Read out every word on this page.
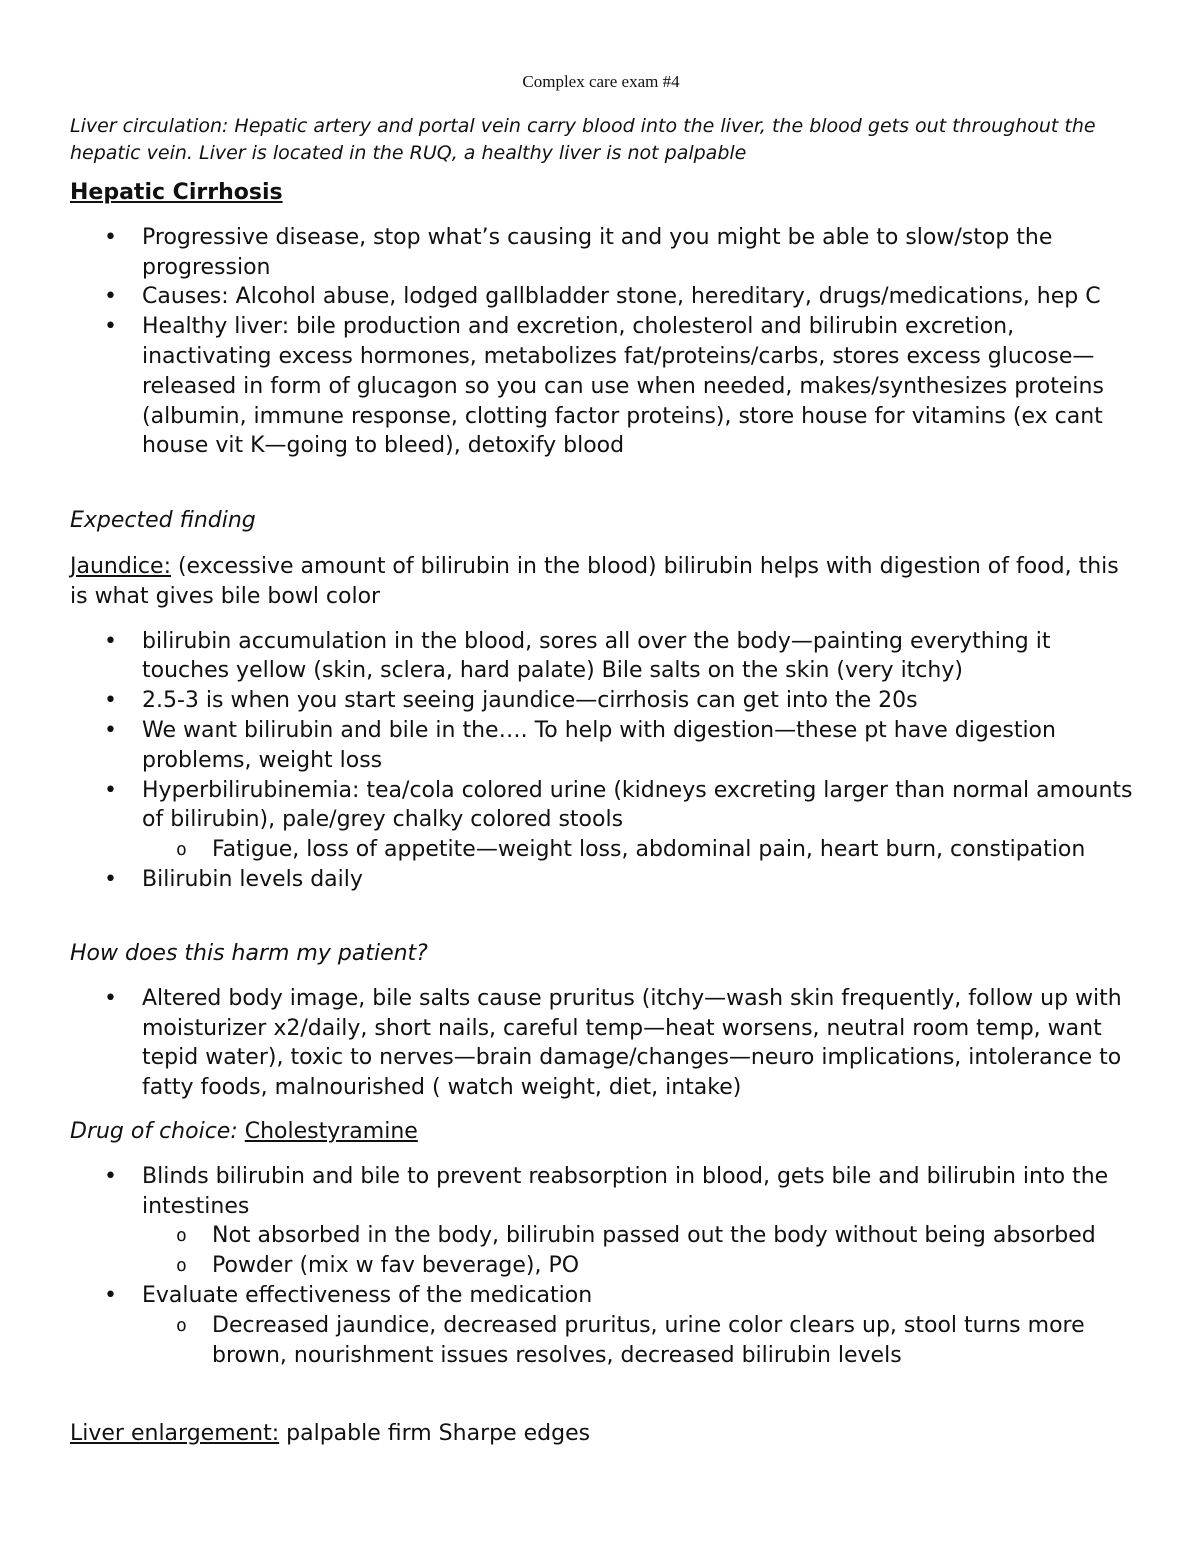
Complex care exam #4
Liver circulation: Hepatic artery and portal vein carry blood into the liver, the blood gets out throughout the hepatic vein. Liver is located in the RUQ, a healthy liver is not palpable
Hepatic Cirrhosis
• Progressive disease, stop what’s causing it and you might be able to slow/stop the progression
• Causes: Alcohol abuse, lodged gallbladder stone, hereditary, drugs/medications, hep C
• Healthy liver: bile production and excretion, cholesterol and bilirubin excretion, inactivating excess hormones, metabolizes fat/proteins/carbs, stores excess glucose—released in form of glucagon so you can use when needed, makes/synthesizes proteins (albumin, immune response, clotting factor proteins), store house for vitamins (ex cant house vit K—going to bleed), detoxify blood
Expected finding
Jaundice: (excessive amount of bilirubin in the blood) bilirubin helps with digestion of food, this is what gives bile bowl color
• bilirubin accumulation in the blood, sores all over the body—painting everything it touches yellow (skin, sclera, hard palate) Bile salts on the skin (very itchy)
• 2.5-3 is when you start seeing jaundice—cirrhosis can get into the 20s
• We want bilirubin and bile in the…. To help with digestion—these pt have digestion problems, weight loss
• Hyperbilirubinemia: tea/cola colored urine (kidneys excreting larger than normal amounts of bilirubin), pale/grey chalky colored stools
o Fatigue, loss of appetite—weight loss, abdominal pain, heart burn, constipation
• Bilirubin levels daily
How does this harm my patient?
• Altered body image, bile salts cause pruritus (itchy—wash skin frequently, follow up with moisturizer x2/daily, short nails, careful temp—heat worsens, neutral room temp, want tepid water), toxic to nerves—brain damage/changes—neuro implications, intolerance to fatty foods, malnourished ( watch weight, diet, intake)
Drug of choice: Cholestyramine
• Blinds bilirubin and bile to prevent reabsorption in blood, gets bile and bilirubin into the intestines
o Not absorbed in the body, bilirubin passed out the body without being absorbed
o Powder (mix w fav beverage), PO
• Evaluate effectiveness of the medication
o Decreased jaundice, decreased pruritus, urine color clears up, stool turns more brown, nourishment issues resolves, decreased bilirubin levels
Liver enlargement: palpable firm Sharpe edges
